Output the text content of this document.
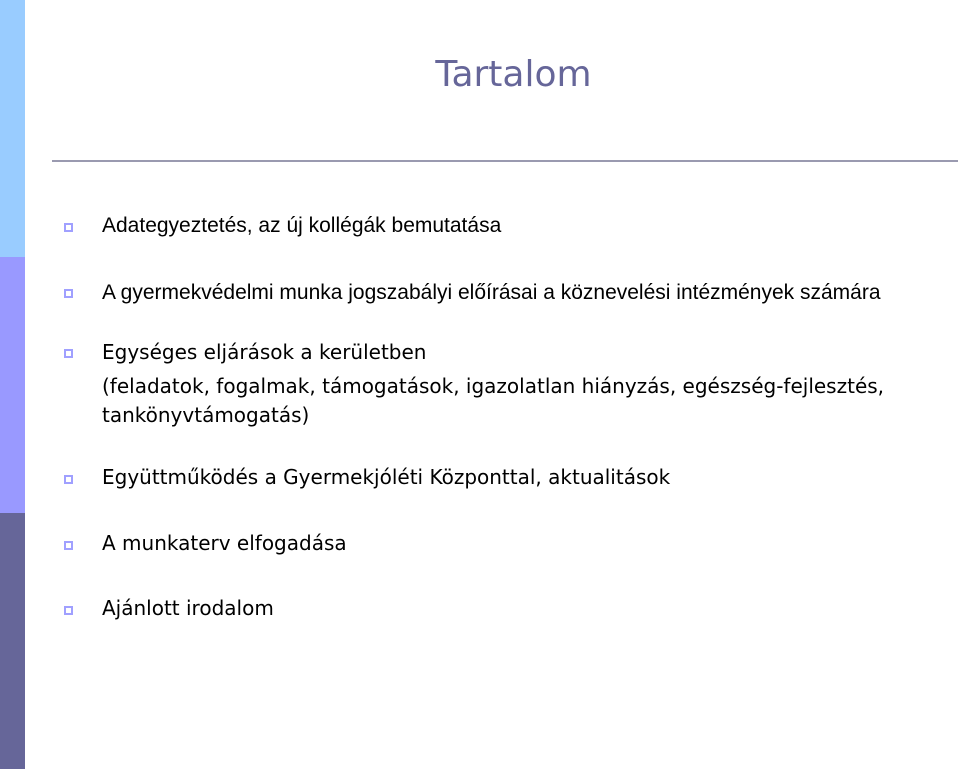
Tartalom
Adategyeztetés, az új kollégák bemutatása
A gyermekvédelmi munka jogszabályi előírásai a köznevelési intézmények számára
Egységes eljárások a kerületben
(feladatok, fogalmak, támogatások, igazolatlan hiányzás, egészség-fejlesztés, tankönyvtámogatás)
Együttműködés a Gyermekjóléti Központtal, aktualitások
A munkaterv elfogadása
Ajánlott irodalom
